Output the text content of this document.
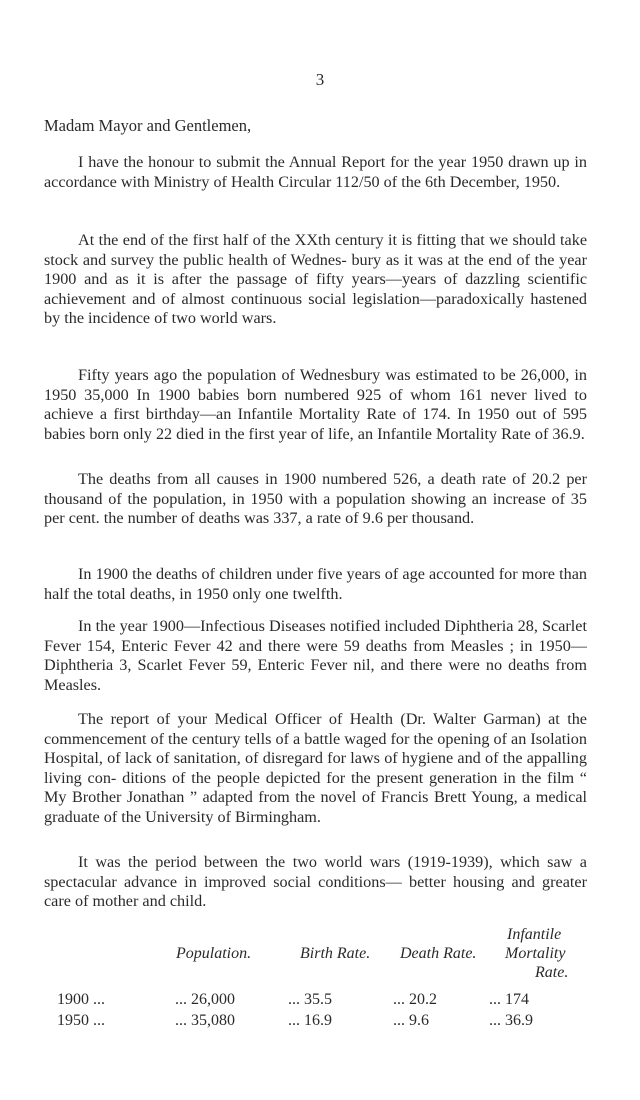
3

Madam Mayor and Gentlemen,

I have the honour to submit the Annual Report for the year 1950 drawn up in accordance with Ministry of Health Circular 112/50 of the 6th December, 1950.

At the end of the first half of the XXth century it is fitting that we should take stock and survey the public health of Wednes- bury as it was at the end of the year 1900 and as it is after the passage of fifty years—years of dazzling scientific achievement and of almost continuous social legislation—paradoxically hastened by the incidence of two world wars.

Fifty years ago the population of Wednesbury was estimated to be 26,000, in 1950 35,000 In 1900 babies born numbered 925 of whom 161 never lived to achieve a first birthday—an Infantile Mortality Rate of 174. In 1950 out of 595 babies born only 22 died in the first year of life, an Infantile Mortality Rate of 36.9.

The deaths from all causes in 1900 numbered 526, a death rate of 20.2 per thousand of the population, in 1950 with a population showing an increase of 35 per cent. the number of deaths was 337, a rate of 9.6 per thousand.

In 1900 the deaths of children under five years of age accounted for more than half the total deaths, in 1950 only one twelfth.

In the year 1900—Infectious Diseases notified included Diphtheria 28, Scarlet Fever 154, Enteric Fever 42 and there were 59 deaths from Measles ; in 1950—Diphtheria 3, Scarlet Fever 59, Enteric Fever nil, and there were no deaths from Measles.

The report of your Medical Officer of Health (Dr. Walter Garman) at the commencement of the century tells of a battle waged for the opening of an Isolation Hospital, of lack of sanitation, of disregard for laws of hygiene and of the appalling living con- ditions of the people depicted for the present generation in the film “ My Brother Jonathan ” adapted from the novel of Francis Brett Young, a medical graduate of the University of Birmingham.

It was the period between the two world wars (1919-1939), which saw a spectacular advance in improved social conditions— better housing and greater care of mother and child.

Infantile
Population.	Birth Rate. Death Rate. Mortality
Rate.
1900 ...	... 26,000	... 35.5	... 20.2	... 174
1950 ...	... 35,080	... 16.9	... 9.6	... 36.9
